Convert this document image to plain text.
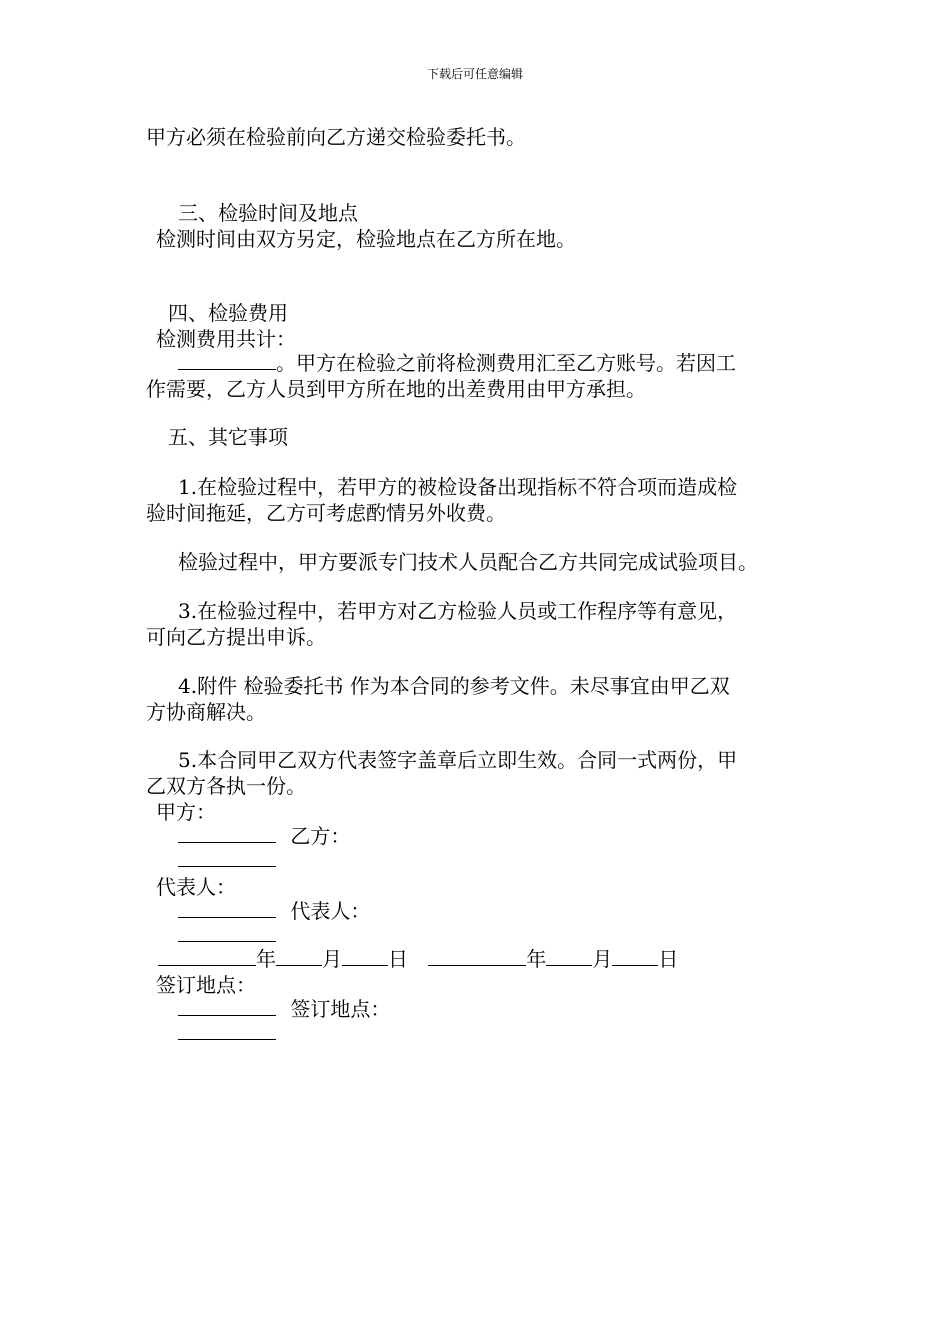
下载后可任意编辑
甲方必须在检验前向乙方递交检验委托书。
三、检验时间及地点
检测时间由双方另定，检验地点在乙方所在地。
四、检验费用
检测费用共计：
。甲方在检验之前将检测费用汇至乙方账号。若因工
作需要，乙方人员到甲方所在地的出差费用由甲方承担。
五、其它事项
1.在检验过程中，若甲方的被检设备出现指标不符合项而造成检
验时间拖延，乙方可考虑酌情另外收费。
检验过程中，甲方要派专门技术人员配合乙方共同完成试验项目。
3.在检验过程中，若甲方对乙方检验人员或工作程序等有意见，
可向乙方提出申诉。
4.附件 检验委托书 作为本合同的参考文件。未尽事宜由甲乙双
方协商解决。
5.本合同甲乙双方代表签字盖章后立即生效。合同一式两份，甲
乙双方各执一份。
甲方：
乙方：
代表人：
代表人：
年 月 日	年 月 日
签订地点：
签订地点：
